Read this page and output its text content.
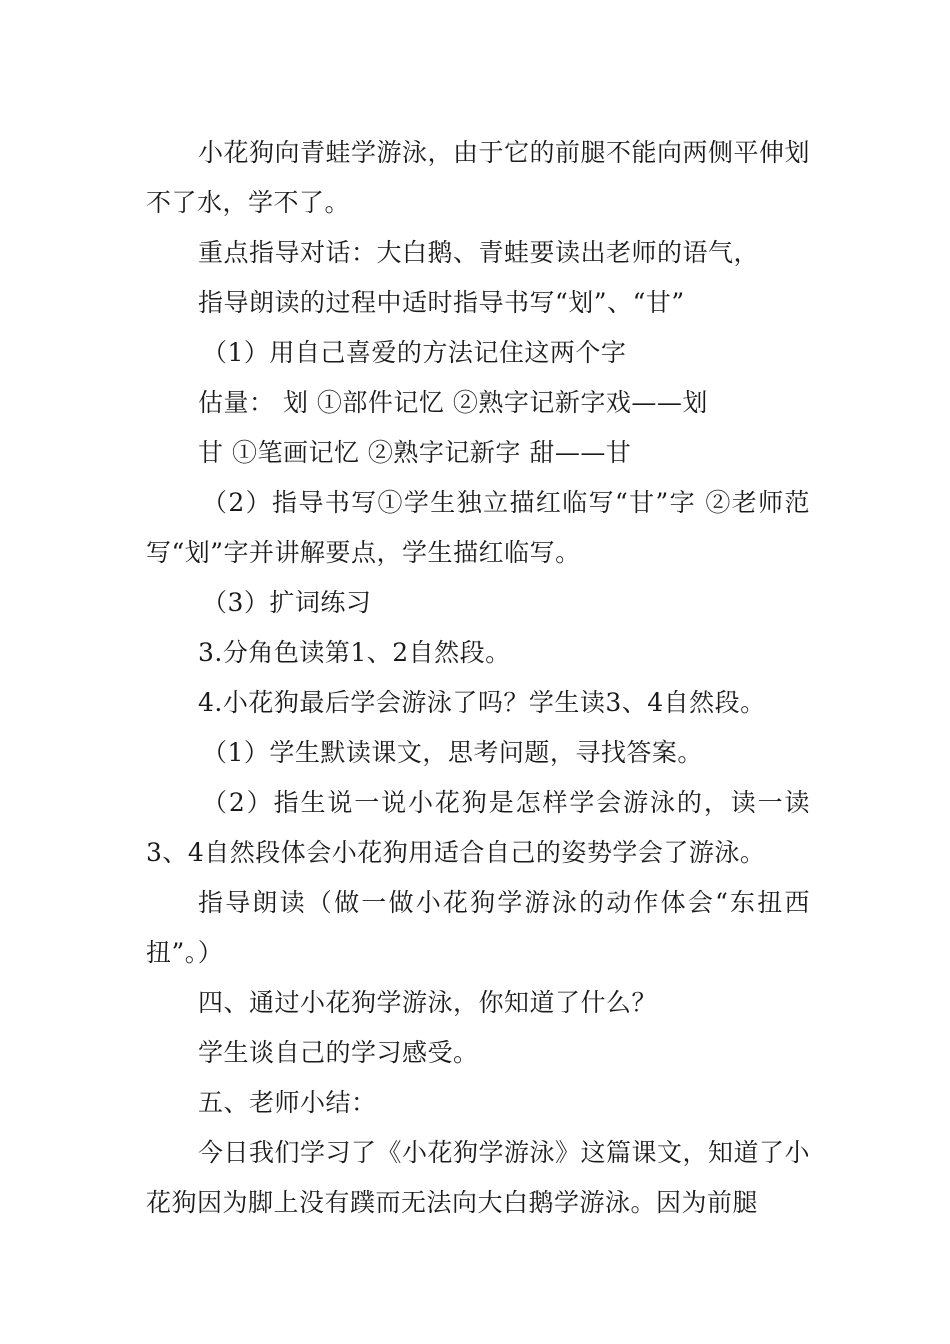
小花狗向青蛙学游泳，由于它的前腿不能向两侧平伸划不了水，学不了。

重点指导对话：大白鹅、青蛙要读出老师的语气，

指导朗读的过程中适时指导书写“划”、“甘”

（1）用自己喜爱的方法记住这两个字

估量： 划 ①部件记忆 ②熟字记新字戏——划

甘 ①笔画记忆 ②熟字记新字 甜——甘

（2）指导书写①学生独立描红临写“甘”字 ②老师范写“划”字并讲解要点，学生描红临写。

（3）扩词练习

3.分角色读第1、2自然段。

4.小花狗最后学会游泳了吗？学生读3、4自然段。

（1）学生默读课文，思考问题，寻找答案。

（2）指生说一说小花狗是怎样学会游泳的，读一读3、4自然段体会小花狗用适合自己的姿势学会了游泳。

指导朗读（做一做小花狗学游泳的动作体会“东扭西扭”。）

四、通过小花狗学游泳，你知道了什么？

学生谈自己的学习感受。

五、老师小结：

今日我们学习了《小花狗学游泳》这篇课文，知道了小花狗因为脚上没有蹼而无法向大白鹅学游泳。因为前腿
